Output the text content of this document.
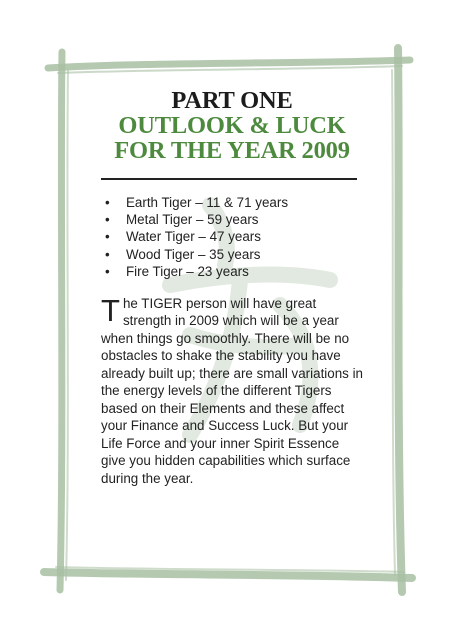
PART ONE
OUTLOOK & LUCK
FOR THE YEAR 2009
• Earth Tiger – 11 & 71 years
• Metal Tiger – 59 years
• Water Tiger – 47 years
• Wood Tiger – 35 years
• Fire Tiger – 23 years

The TIGER person will have great strength in 2009 which will be a year when things go smoothly. There will be no obstacles to shake the stability you have already built up; there are small variations in the energy levels of the different Tigers based on their Elements and these affect your Finance and Success Luck. But your Life Force and your inner Spirit Essence give you hidden capabilities which surface during the year.
